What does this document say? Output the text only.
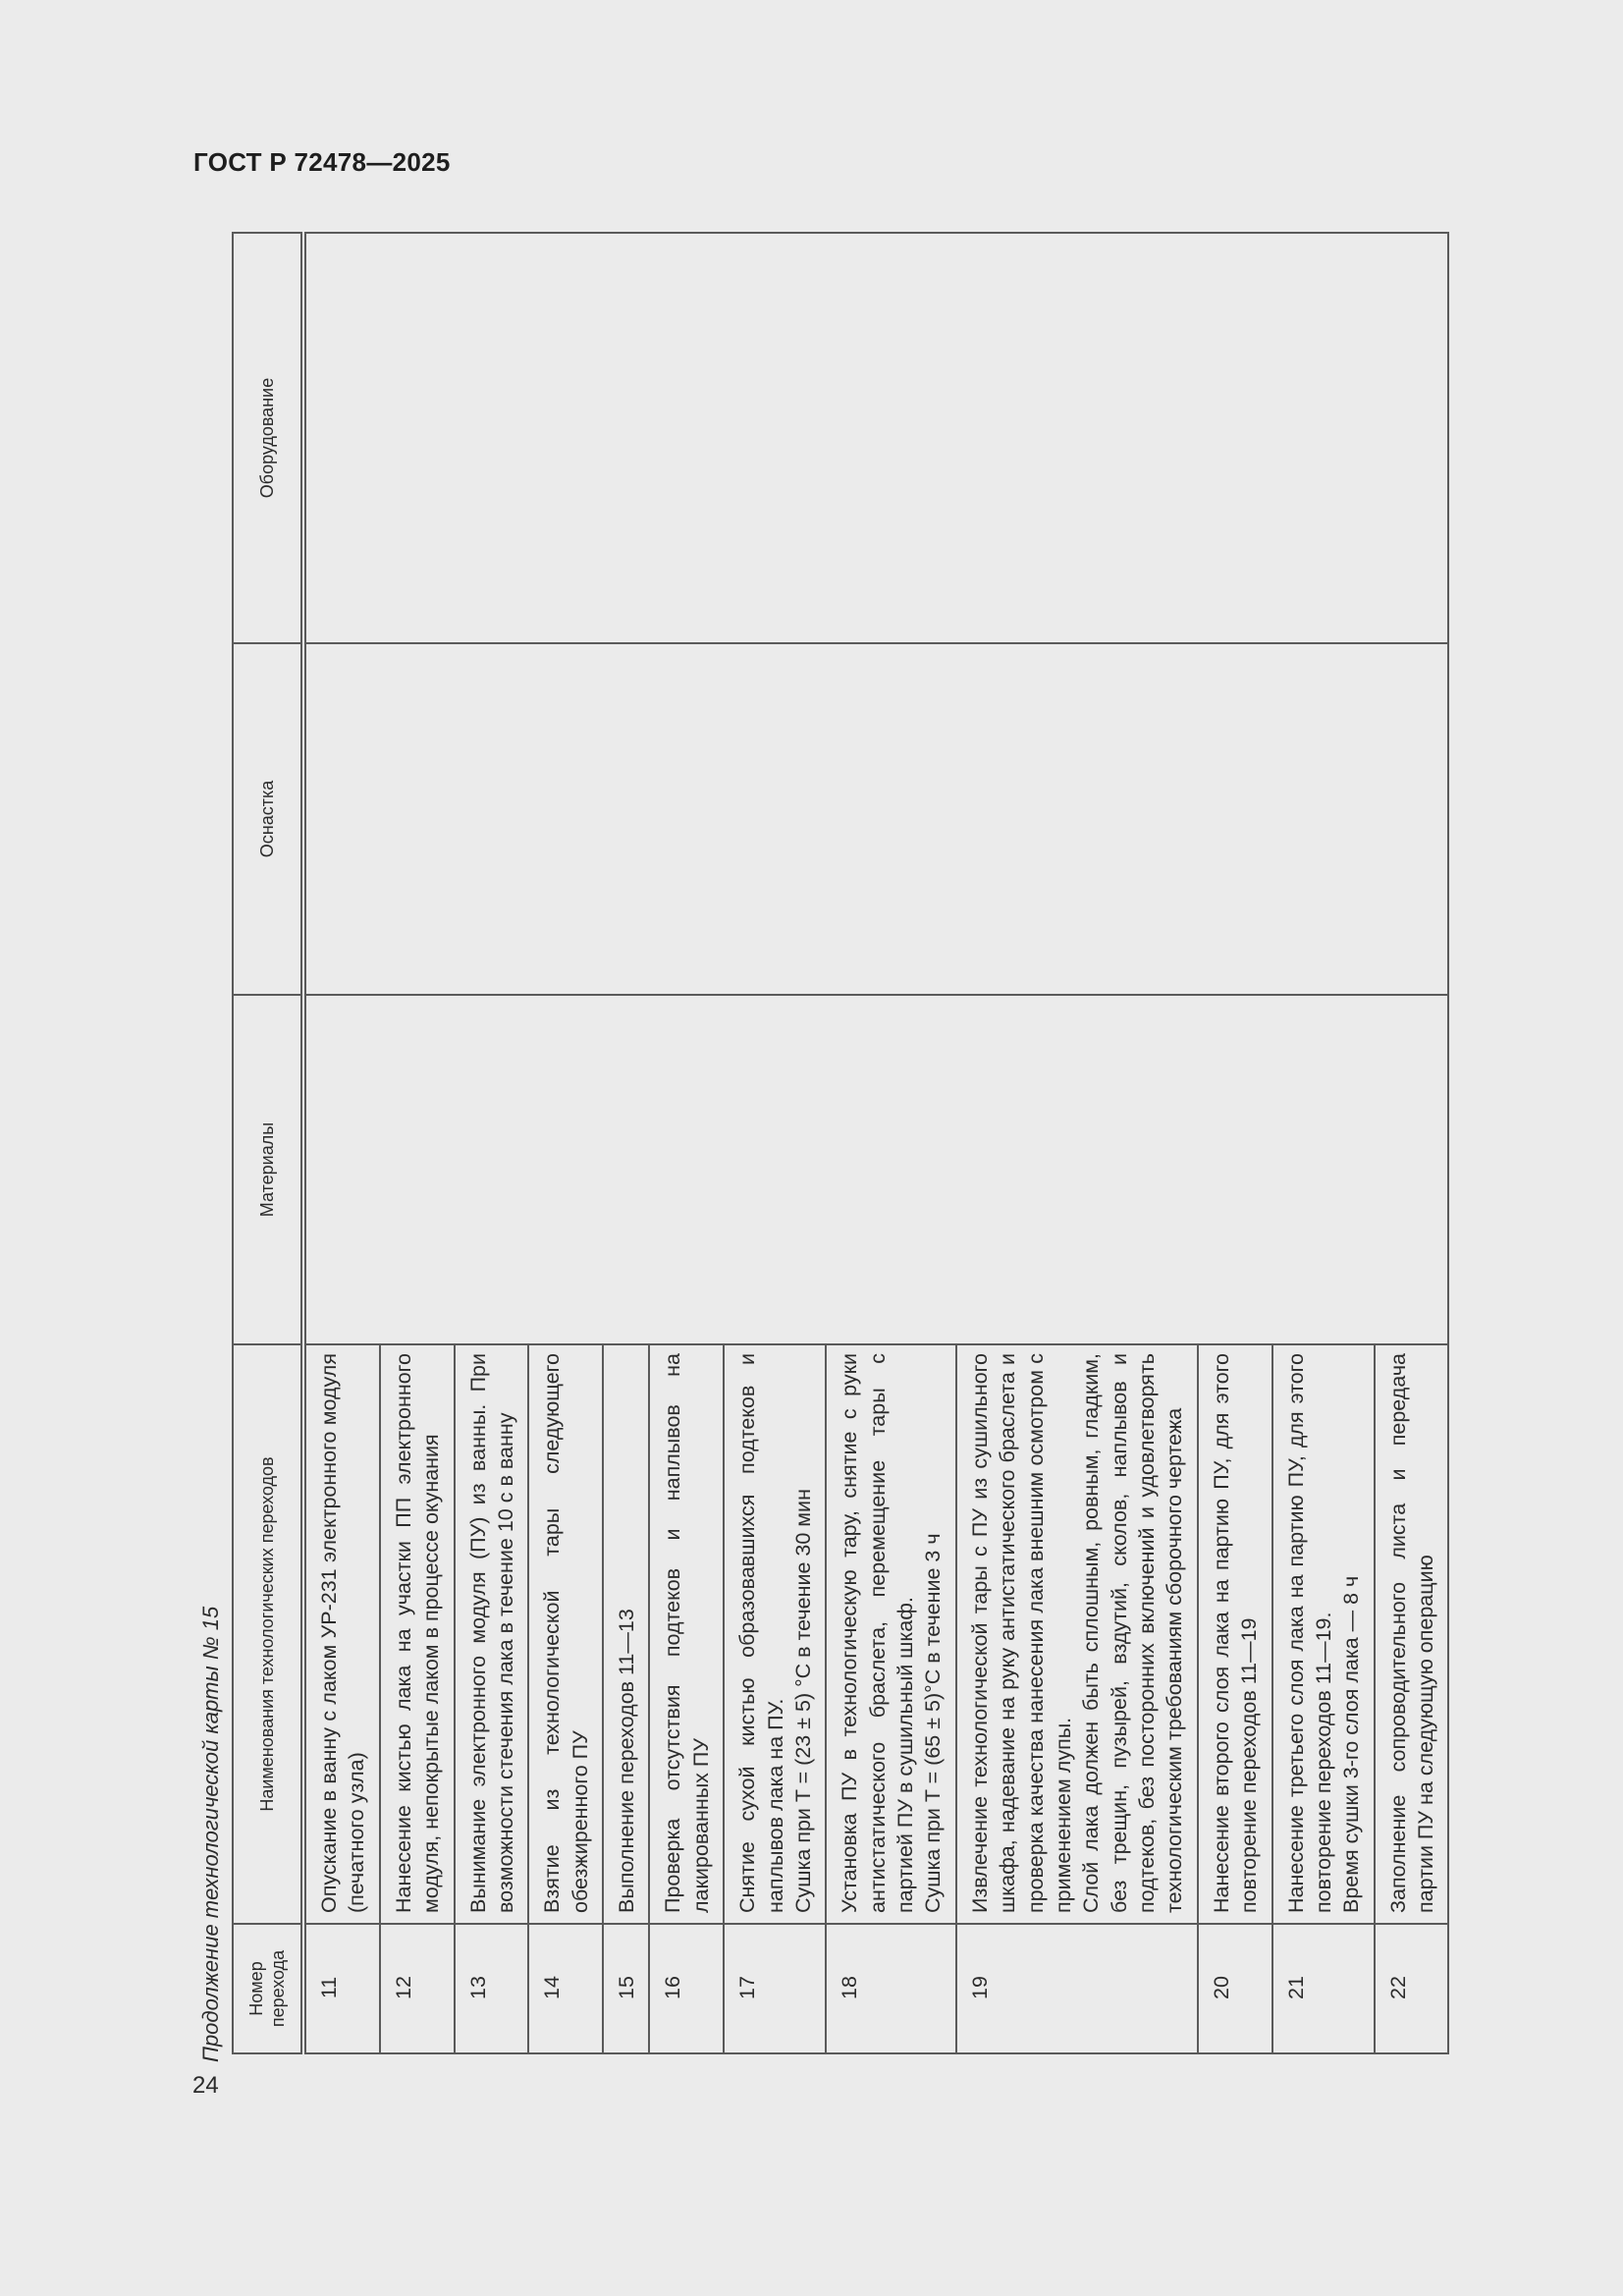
ГОСТ Р 72478—2025
Продолжение технологической карты № 15	Номер перехода	Наименования технологических переходов	Материалы	Оснастка	Оборудование
11	Опускание в ванну с лаком УР-231 электронного модуля (печатного узла)			

12	Нанесение кистью лака на участки ПП электронного модуля, непокрытые лаком в процессе окунания			

13	Вынимание электронного модуля (ПУ) из ванны. При возможности стечения лака в течение 10 с в ванну			

14	Взятие из технологической тары следующего обезжиренного ПУ			

15	Выполнение переходов 11—13			

16	Проверка отсутствия подтеков и наплывов на лакированных ПУ			

17	Снятие сухой кистью образовавшихся подтеков и наплывов лака на ПУ. Сушка при T = (23 ± 5) °C в течение 30 мин			

18	Установка ПУ в технологическую тару, снятие с руки антистатического браслета, перемещение тары с партией ПУ в сушильный шкаф. Сушка при T = (65 ± 5)°C в течение 3 ч			

19	Извлечение технологической тары с ПУ из сушильного шкафа, надевание на руку антистатического браслета и проверка качества нанесения лака внешним осмотром с применением лупы. Слой лака должен быть сплошным, ровным, гладким, без трещин, пузырей, вздутий, сколов, наплывов и подтеков, без посторонних включений и удовлетворять технологическим требованиям сборочного чертежа			

20	Нанесение второго слоя лака на партию ПУ, для этого повторение переходов 11—19			

21	Нанесение третьего слоя лака на партию ПУ, для этого повторение переходов 11—19. Время сушки 3-го слоя лака — 8 ч			

22	Заполнение сопроводительного листа и передача партии ПУ на следующую операцию			

24
